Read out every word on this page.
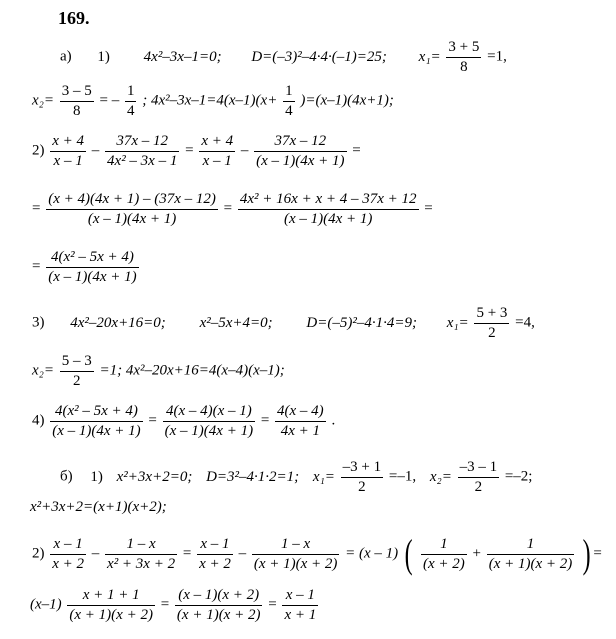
169.
а) 1) 4x²–3x–1=0; D=(–3)²–4·4·(–1)=25; $x_1= \frac{3 + 5}{8} =1$,
$x_2= \frac{3 - 5}{8}$ = – $\frac{1}{4}$ ; $4x^2-3x-1=4(x-1)(x+ \frac{1}{4} )=(x-1)(4x+1)$;
$2) \frac{x + 4}{x - 1} - \frac{37x - 12}{\text{4x² – 3x – 1}} = \frac{x + 4}{x - 1} - \frac{37x - 12}{(x - 1)(4x + 1)}$ =
= $\frac{(x + 4)(4x + 1) - (37x - 12)}{(x - 1)(4x + 1)} = \frac{\text{4x² + 16x + x + 4 – 37x + 12}}{(x - 1)(4x + 1)}$ =
= $\frac{\text{4(x² – 5x + 4)}}{(x - 1)(4x + 1)}$
3) 4x²–20x+16=0; x²–5x+4=0; D=(–5)²–4·1·4=9; $x_1= \frac{5 + 3}{2} =4$,
$x_2= \frac{5 - 3}{2} =1$; 4x²–20x+16=4(x–4)(x–1);
$4) \frac{\text{4(x² – 5x + 4)}}{(x - 1)(4x + 1)} = \frac{4(x - 4)(x - 1)}{(x - 1)(4x + 1)} = \frac{4(x - 4)}{4x + 1}$ .
б) 1) x²+3x+2=0; D=3²–4·1·2=1; $x_1= \frac{-3 + 1}{2} =-1$, $x_2= \frac{-3 - 1}{2} =-2$;
x²+3x+2=(x+1)(x+2);
$2) \frac{x - 1}{x + 2} - \frac{1 - x}{\text{x² + 3x + 2}} = \frac{x - 1}{x + 2} - \frac{1 - x}{(x + 1)(x + 2)} = (x - 1)$ ( $\frac{1}{(x + 2)} + \frac{1}{(x + 1)(x + 2)}$ ) =
$(x-1) \frac{x + 1 + 1}{(x + 1)(x + 2)} = \frac{(x - 1)(x + 2)}{(x + 1)(x + 2)} = \frac{x - 1}{x + 1}$
